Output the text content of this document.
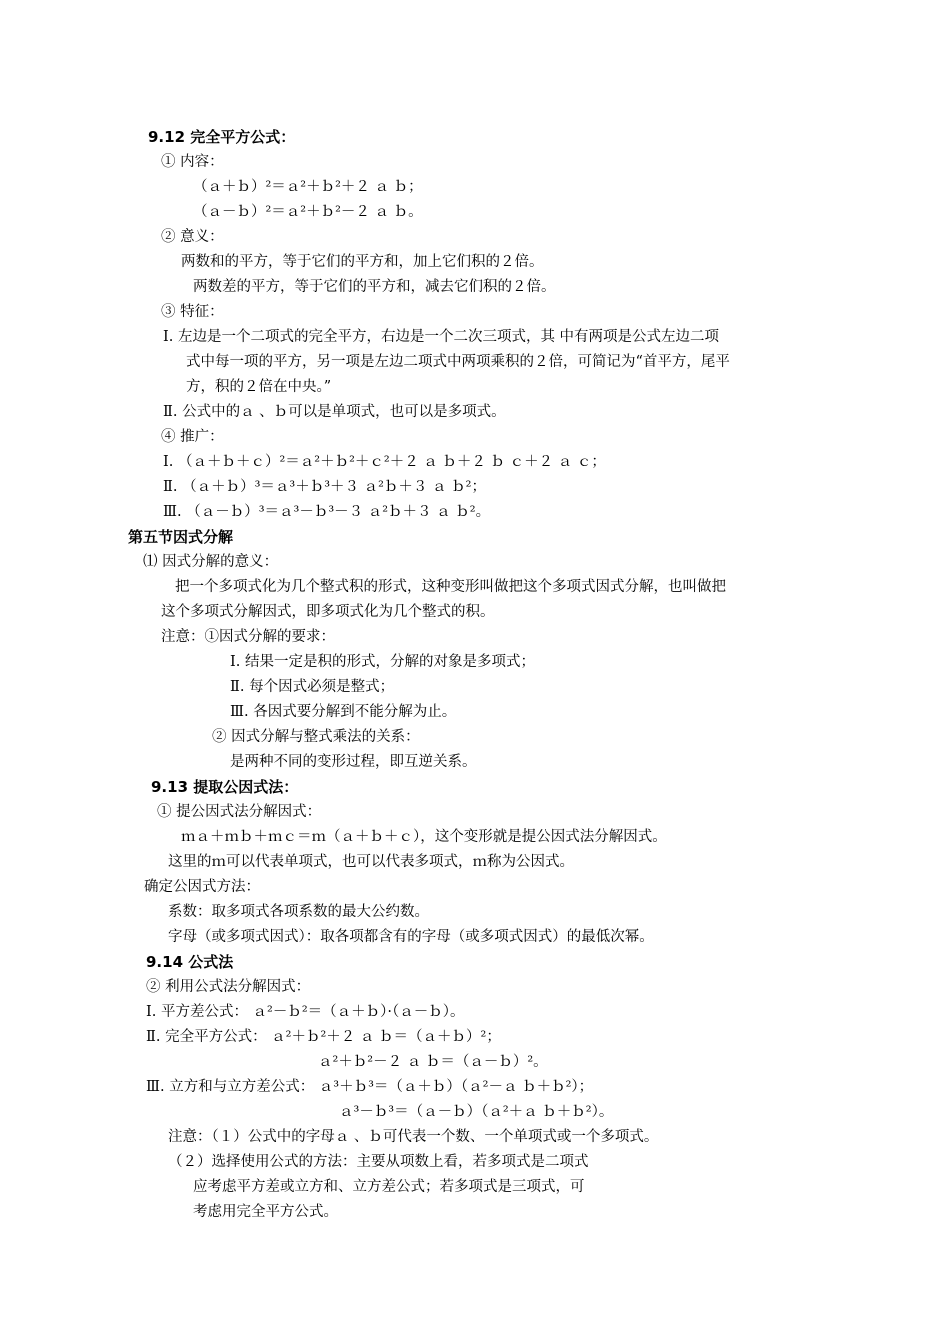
9.12 完全平方公式：
① 内容：
（ａ＋ｂ）²＝ａ²＋ｂ²＋２ ａ ｂ；
（ａ－ｂ）²＝ａ²＋ｂ²－２ ａ ｂ。
② 意义：
两数和的平方，等于它们的平方和，加上它们积的２倍。
两数差的平方，等于它们的平方和，减去它们积的２倍。
③ 特征：
Ⅰ. 左边是一个二项式的完全平方，右边是一个二次三项式，其 中有两项是公式左边二项
式中每一项的平方，另一项是左边二项式中两项乘积的２倍，可简记为“首平方，尾平
方，积的２倍在中央。”
Ⅱ. 公式中的ａ 、ｂ可以是单项式，也可以是多项式。
④ 推广：
Ⅰ. （ａ＋ｂ＋ｃ）²＝ａ²＋ｂ²＋ｃ²＋２ ａ ｂ＋２ ｂ ｃ＋２ ａ ｃ；
Ⅱ. （ａ＋ｂ）³＝ａ³＋ｂ³＋３ ａ²ｂ＋３ ａ ｂ²；
Ⅲ. （ａ－ｂ）³＝ａ³－ｂ³－３ ａ²ｂ＋３ ａ ｂ²。
第五节因式分解
⑴ 因式分解的意义：
把一个多项式化为几个整式积的形式，这种变形叫做把这个多项式因式分解，也叫做把
这个多项式分解因式，即多项式化为几个整式的积。
注意：①因式分解的要求：
Ⅰ. 结果一定是积的形式，分解的对象是多项式；
Ⅱ. 每个因式必须是整式；
Ⅲ. 各因式要分解到不能分解为止。
② 因式分解与整式乘法的关系：
是两种不同的变形过程，即互逆关系。
9.13 提取公因式法：
① 提公因式法分解因式：
ｍａ＋ｍｂ＋ｍｃ＝ｍ（ａ＋ｂ＋ｃ），这个变形就是提公因式法分解因式。
这里的ｍ可以代表单项式，也可以代表多项式，ｍ称为公因式。
确定公因式方法：
系数：取多项式各项系数的最大公约数。
字母（或多项式因式）：取各项都含有的字母（或多项式因式）的最低次幂。
9.14 公式法
② 利用公式法分解因式：
Ⅰ. 平方差公式： ａ²－ｂ²＝（ａ＋ｂ）·（ａ－ｂ）。
Ⅱ. 完全平方公式： ａ²＋ｂ²＋２ ａ ｂ＝（ａ＋ｂ）²；
ａ²＋ｂ²－２ ａ ｂ＝（ａ－ｂ）²。
Ⅲ. 立方和与立方差公式： ａ³＋ｂ³＝（ａ＋ｂ）（ａ²－ａ ｂ＋ｂ²）；
ａ³－ｂ³＝（ａ－ｂ）（ａ²＋ａ ｂ＋ｂ²）。
注意：（１）公式中的字母ａ 、ｂ可代表一个数、一个单项式或一个多项式。
（２）选择使用公式的方法：主要从项数上看，若多项式是二项式
应考虑平方差或立方和、立方差公式；若多项式是三项式，可
考虑用完全平方公式。
